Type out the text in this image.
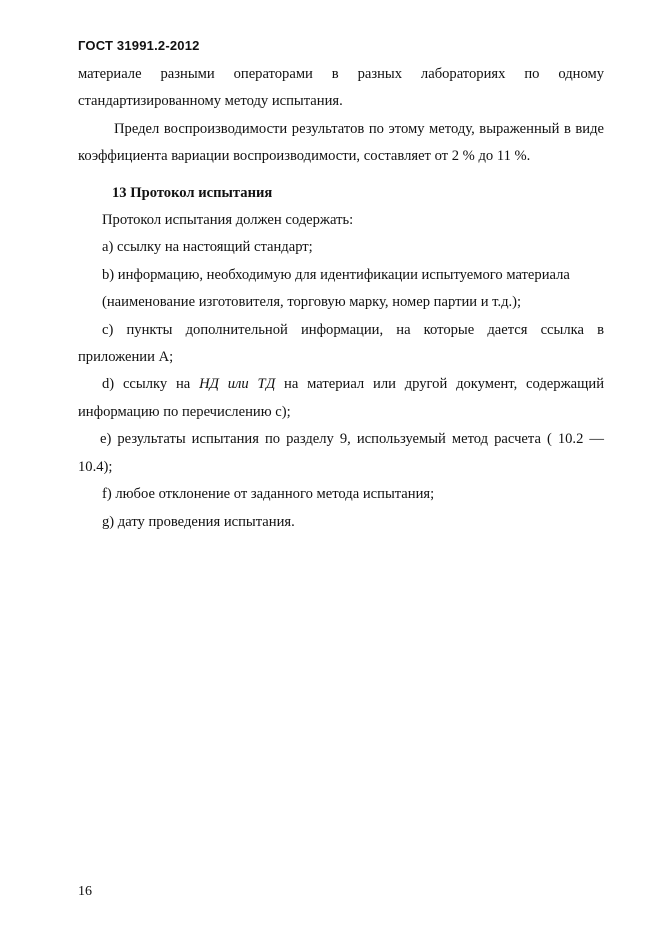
ГОСТ 31991.2-2012

материале разными операторами в разных лабораториях по одному

стандартизированному методу испытания.

Предел воспроизводимости результатов по этому методу, выраженный в виде коэффициента вариации воспроизводимости, составляет от 2 % до 11 %.

13 Протокол испытания

Протокол испытания должен содержать:

а) ссылку на настоящий стандарт;

b) информацию, необходимую для идентификации испытуемого материала

(наименование изготовителя, торговую марку, номер партии и т.д.);

c) пункты дополнительной информации, на которые дается ссылка в приложении А;

d) ссылку на НД или ТД на материал или другой документ, содержащий информацию по перечислению с);

e) результаты испытания по разделу 9, используемый метод расчета ( 10.2 — 10.4);

f) любое отклонение от заданного метода испытания;

g) дату проведения испытания.

16
